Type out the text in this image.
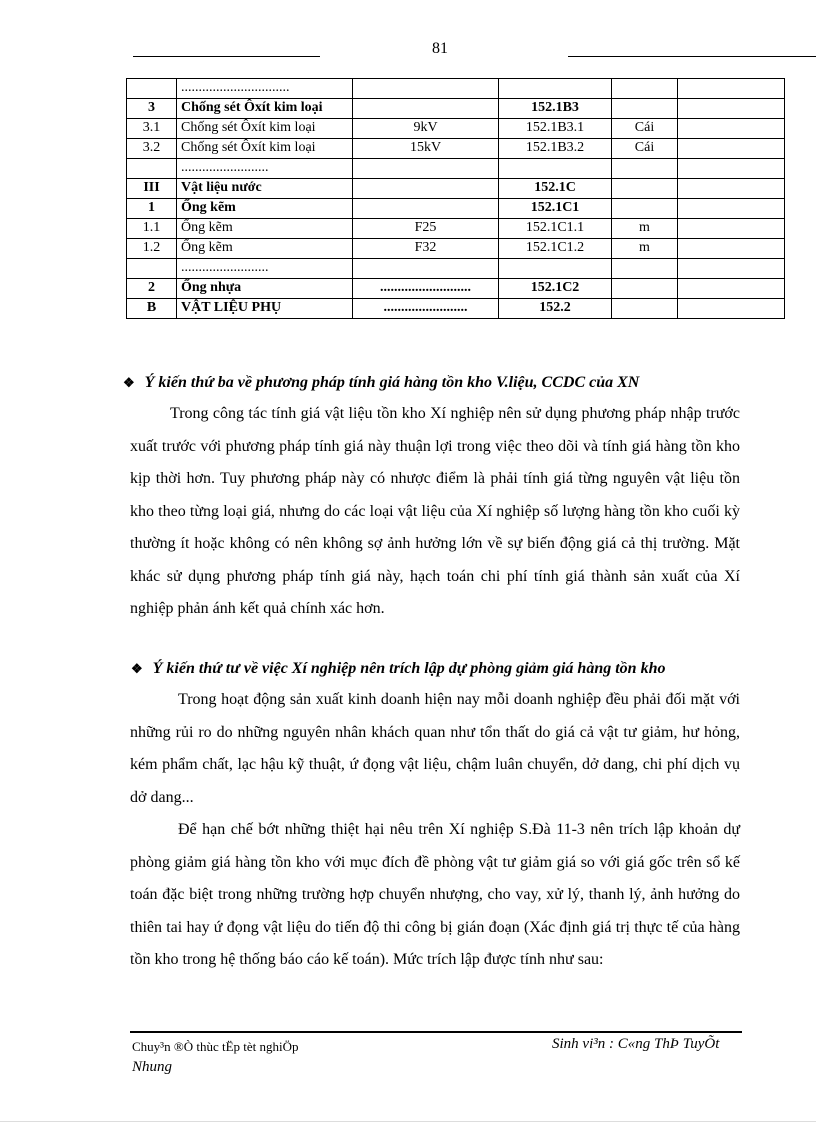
81
	...............................				
3	Chống sét Ôxít kim loại		152.1B3		
3.1	Chống sét Ôxít kim loại	9kV	152.1B3.1	Cái	
3.2	Chống sét Ôxít kim loại	15kV	152.1B3.2	Cái	
	.........................				
III	Vật liệu nước		152.1C		
1	Ống kẽm		152.1C1		
1.1	Ống kẽm	F25	152.1C1.1	m	
1.2	Ống kẽm	F32	152.1C1.2	m	
	.........................				
2	Ống nhựa	..........................	152.1C2		
B	VẬT LIỆU PHỤ	........................	152.2		
❖ Ý kiến thứ ba về phương pháp tính giá hàng tồn kho V.liệu, CCDC của XN
Trong công tác tính giá vật liệu tồn kho Xí nghiệp nên sử dụng phương pháp nhập trước xuất trước với phương pháp tính giá này thuận lợi trong việc theo dõi và tính giá hàng tồn kho kịp thời hơn. Tuy phương pháp này có nhược điểm là phải tính giá từng nguyên vật liệu tồn kho theo từng loại giá, nhưng do các loại vật liệu của Xí nghiệp số lượng hàng tồn kho cuối kỳ thường ít hoặc không có nên không sợ ảnh hưởng lớn về sự biến động giá cả thị trường. Mặt khác sử dụng phương pháp tính giá này, hạch toán chi phí tính giá thành sản xuất của Xí nghiệp phản ánh kết quả chính xác hơn.
❖ Ý kiến thứ tư về việc Xí nghiệp nên trích lập dự phòng giảm giá hàng tồn kho
Trong hoạt động sản xuất kinh doanh hiện nay mỗi doanh nghiệp đều phải đối mặt với những rủi ro do những nguyên nhân khách quan như tổn thất do giá cả vật tư giảm, hư hỏng, kém phẩm chất, lạc hậu kỹ thuật, ứ đọng vật liệu, chậm luân chuyển, dở dang, chi phí dịch vụ dở dang...
Để hạn chế bớt những thiệt hại nêu trên Xí nghiệp S.Đà 11-3 nên trích lập khoản dự phòng giảm giá hàng tồn kho với mục đích đề phòng vật tư giảm giá so với giá gốc trên sổ kế toán đặc biệt trong những trường hợp chuyển nhượng, cho vay, xử lý, thanh lý, ảnh hưởng do thiên tai hay ứ đọng vật liệu do tiến độ thi công bị gián đoạn (Xác định giá trị thực tế của hàng tồn kho trong hệ thống báo cáo kế toán). Mức trích lập được tính như sau:
Chuy³n ®Ò thùc tËp tèt nghiÖp
Nhung
Sinh vi³n : C«ng ThÞ TuyÕt
